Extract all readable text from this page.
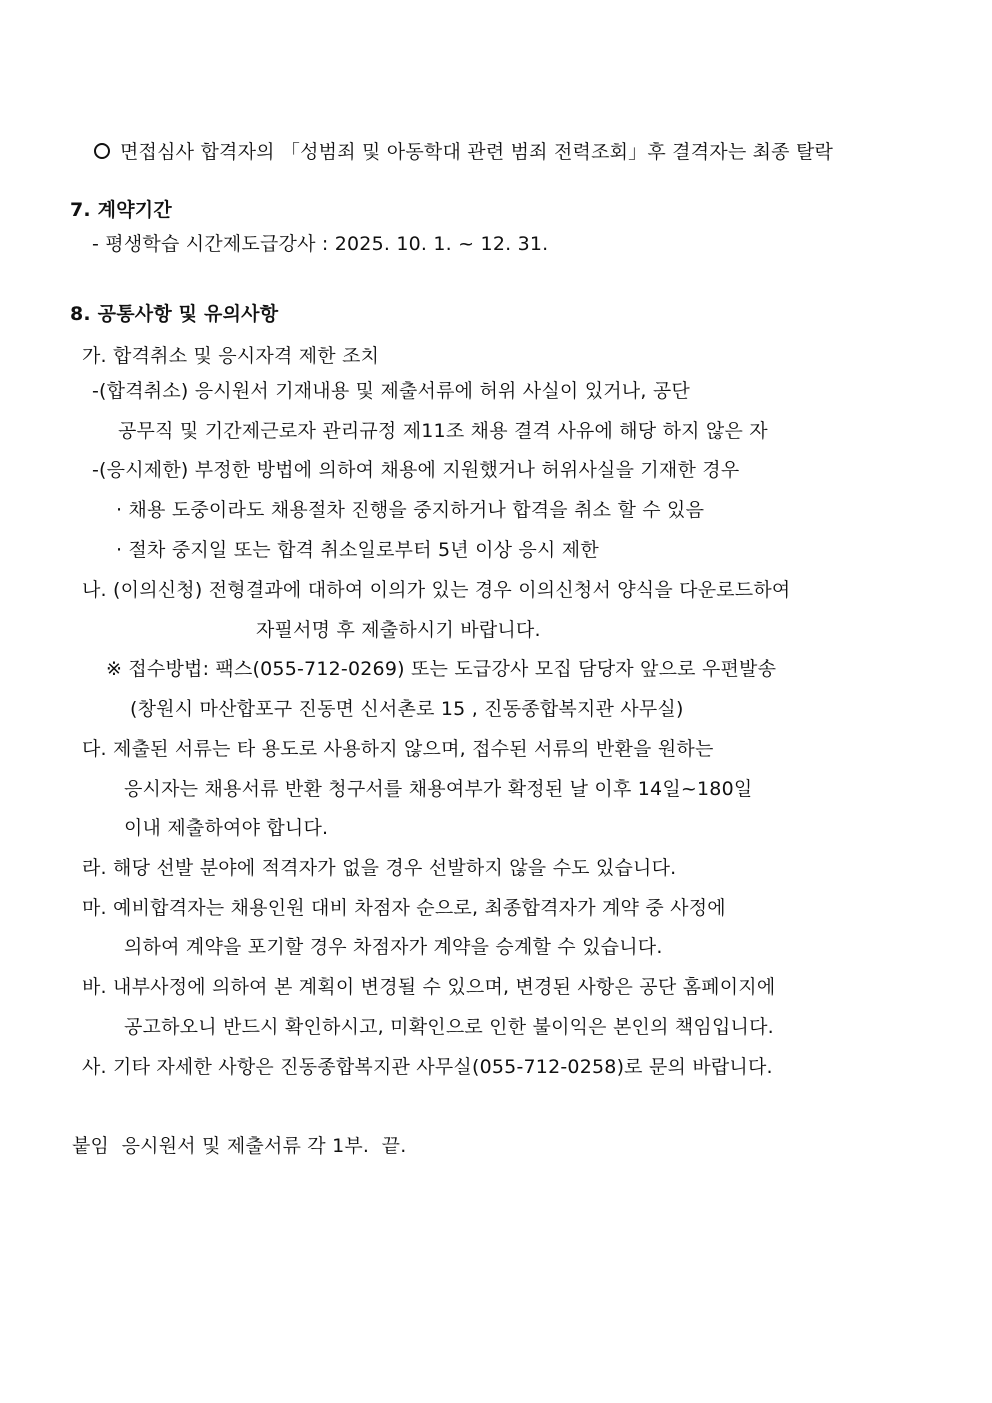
면접심사 합격자의 「성범죄 및 아동학대 관련 범죄 전력조회」후 결격자는 최종 탈락
7. 계약기간
- 평생학습 시간제도급강사 : 2025. 10. 1. ~ 12. 31.
8. 공통사항 및 유의사항
가. 합격취소 및 응시자격 제한 조치
-(합격취소) 응시원서 기재내용 및 제출서류에 허위 사실이 있거나, 공단
공무직 및 기간제근로자 관리규정 제11조 채용 결격 사유에 해당 하지 않은 자
-(응시제한) 부정한 방법에 의하여 채용에 지원했거나 허위사실을 기재한 경우
· 채용 도중이라도 채용절차 진행을 중지하거나 합격을 취소 할 수 있음
· 절차 중지일 또는 합격 취소일로부터 5년 이상 응시 제한
나. (이의신청) 전형결과에 대하여 이의가 있는 경우 이의신청서 양식을 다운로드하여
자필서명 후 제출하시기 바랍니다.
※ 접수방법: 팩스(055-712-0269) 또는 도급강사 모집 담당자 앞으로 우편발송
(창원시 마산합포구 진동면 신서촌로 15 , 진동종합복지관 사무실)
다. 제출된 서류는 타 용도로 사용하지 않으며, 접수된 서류의 반환을 원하는
응시자는 채용서류 반환 청구서를 채용여부가 확정된 날 이후 14일~180일
이내 제출하여야 합니다.
라. 해당 선발 분야에 적격자가 없을 경우 선발하지 않을 수도 있습니다.
마. 예비합격자는 채용인원 대비 차점자 순으로, 최종합격자가 계약 중 사정에
의하여 계약을 포기할 경우 차점자가 계약을 승계할 수 있습니다.
바. 내부사정에 의하여 본 계획이 변경될 수 있으며, 변경된 사항은 공단 홈페이지에
공고하오니 반드시 확인하시고, 미확인으로 인한 불이익은 본인의 책임입니다.
사. 기타 자세한 사항은 진동종합복지관 사무실(055-712-0258)로 문의 바랍니다.
붙임  응시원서 및 제출서류 각 1부.  끝.
